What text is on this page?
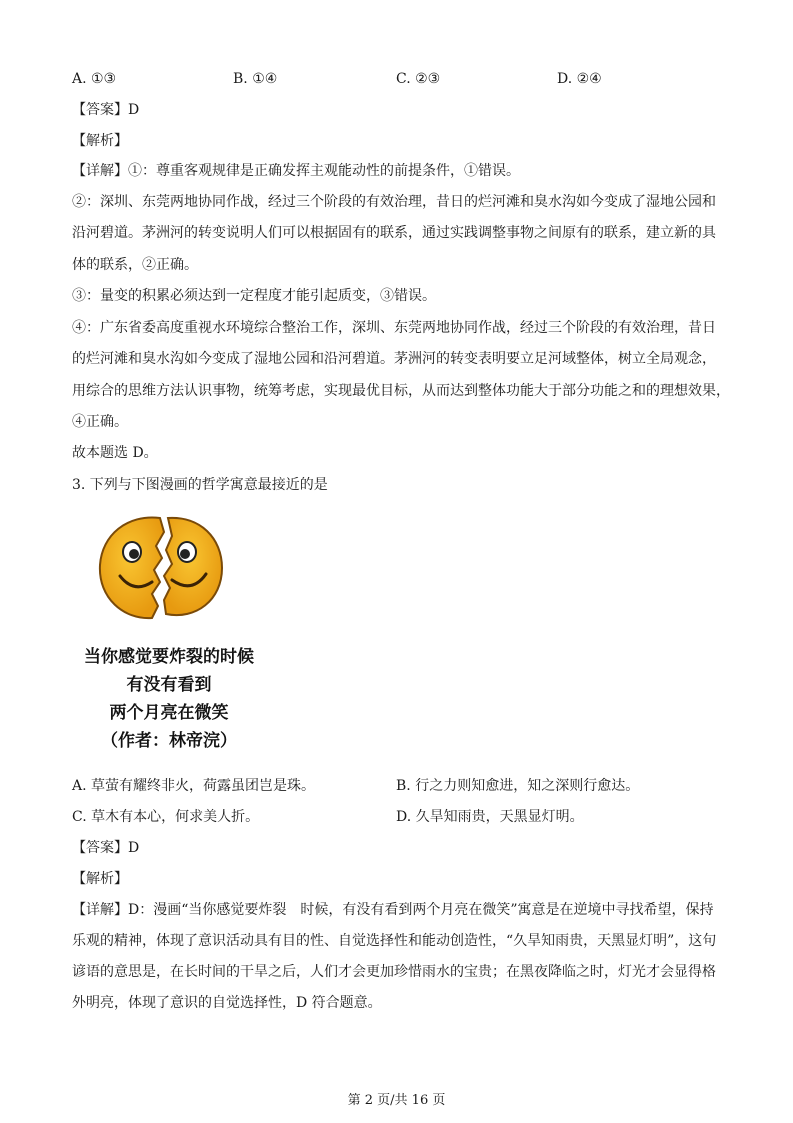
A. ①③	B. ①④	C. ②③	D. ②④
【答案】D
【解析】
【详解】①：尊重客观规律是正确发挥主观能动性的前提条件，①错误。
②：深圳、东莞两地协同作战，经过三个阶段的有效治理，昔日的烂河滩和臭水沟如今变成了湿地公园和
沿河碧道。茅洲河的转变说明人们可以根据固有的联系，通过实践调整事物之间原有的联系，建立新的具
体的联系，②正确。
③：量变的积累必须达到一定程度才能引起质变，③错误。
④：广东省委高度重视水环境综合整治工作，深圳、东莞两地协同作战，经过三个阶段的有效治理，昔日
的烂河滩和臭水沟如今变成了湿地公园和沿河碧道。茅洲河的转变表明要立足河域整体，树立全局观念，
用综合的思维方法认识事物，统筹考虑，实现最优目标，从而达到整体功能大于部分功能之和的理想效果，
④正确。
故本题选 D。
3. 下列与下图漫画的哲学寓意最接近的是
当你感觉要炸裂的时候
有没有看到
两个月亮在微笑
（作者：林帝浣）
A. 草萤有耀终非火，荷露虽团岂是珠。	B. 行之力则知愈进，知之深则行愈达。
C. 草木有本心，何求美人折。	D. 久旱知雨贵，天黑显灯明。
【答案】D
【解析】
【详解】D：漫画“当你感觉要炸裂　时候，有没有看到两个月亮在微笑”寓意是在逆境中寻找希望，保持
乐观的精神，体现了意识活动具有目的性、自觉选择性和能动创造性，“久旱知雨贵，天黑显灯明”，这句
谚语的意思是，在长时间的干旱之后，人们才会更加珍惜雨水的宝贵；在黑夜降临之时，灯光才会显得格
外明亮，体现了意识的自觉选择性，D 符合题意。
第 2 页/共 16 页
